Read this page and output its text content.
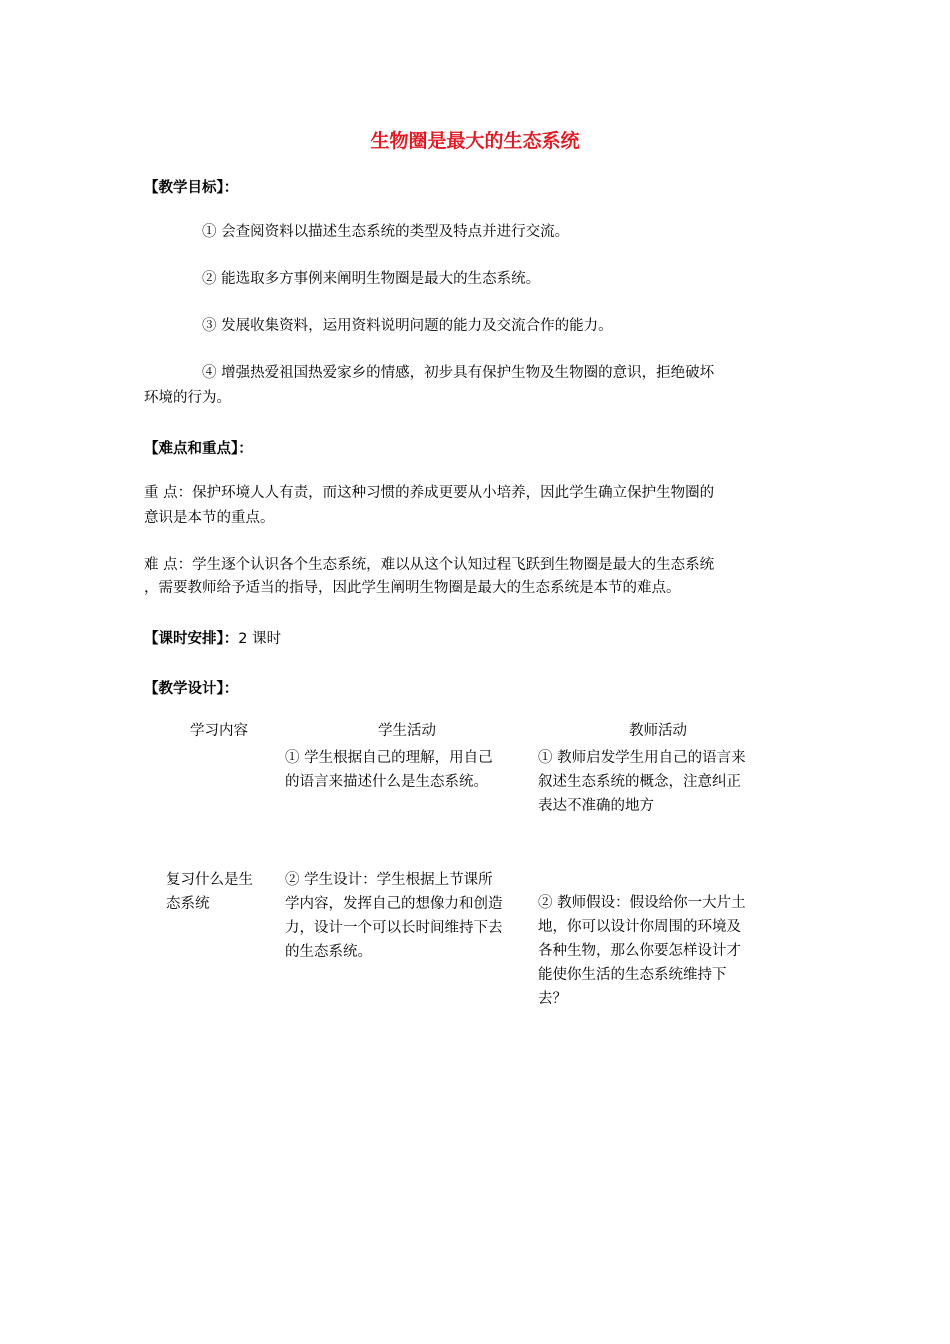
生物圈是最大的生态系统
【教学目标】：
① 会查阅资料以描述生态系统的类型及特点并进行交流。
② 能选取多方事例来阐明生物圈是最大的生态系统。
③ 发展收集资料，运用资料说明问题的能力及交流合作的能力。
④ 增强热爱祖国热爱家乡的情感，初步具有保护生物及生物圈的意识，拒绝破坏
环境的行为。
【难点和重点】：
重 点：保护环境人人有责，而这种习惯的养成更要从小培养，因此学生确立保护生物圈的
意识是本节的重点。
难 点：学生逐个认识各个生态系统，难以从这个认知过程飞跃到生物圈是最大的生态系统
，需要教师给予适当的指导，因此学生阐明生物圈是最大的生态系统是本节的难点。
【课时安排】：2 课时
【教学设计】：
学习内容	学生活动	教师活动
① 学生根据自己的理解，用自己
的语言来描述什么是生态系统。
① 教师启发学生用自己的语言来
叙述生态系统的概念，注意纠正
表达不准确的地方
复习什么是生
态系统
② 学生设计：学生根据上节课所
学内容，发挥自己的想像力和创造
力，设计一个可以长时间维持下去
的生态系统。
② 教师假设：假设给你一大片土
地，你可以设计你周围的环境及
各种生物，那么你要怎样设计才
能使你生活的生态系统维持下
去？
